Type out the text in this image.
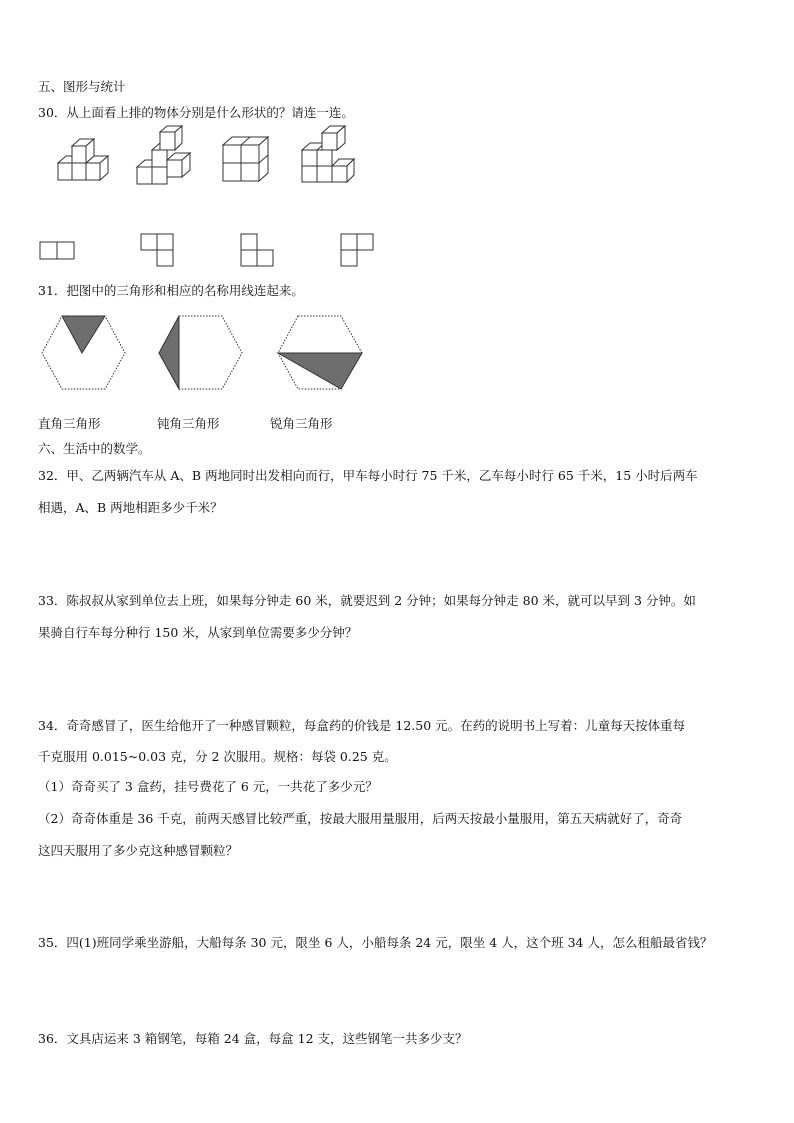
五、图形与统计
30．从上面看上排的物体分别是什么形状的？请连一连。
31．把图中的三角形和相应的名称用线连起来。
直角三角形	钝角三角形	锐角三角形
六、生活中的数学。
32．甲、乙两辆汽车从 A、B 两地同时出发相向而行，甲车每小时行 75 千米，乙车每小时行 65 千米，15 小时后两车
相遇，A、B 两地相距多少千米？
33．陈叔叔从家到单位去上班，如果每分钟走 60 米，就要迟到 2 分钟；如果每分钟走 80 米，就可以早到 3 分钟。如
果骑自行车每分种行 150 米，从家到单位需要多少分钟？
34．奇奇感冒了，医生给他开了一种感冒颗粒，每盒药的价钱是 12.50 元。在药的说明书上写着：儿童每天按体重每
千克服用 0.015~0.03 克，分 2 次服用。规格：每袋 0.25 克。
（1）奇奇买了 3 盒药，挂号费花了 6 元，一共花了多少元？
（2）奇奇体重是 36 千克，前两天感冒比较严重，按最大服用量服用，后两天按最小量服用，第五天病就好了，奇奇
这四天服用了多少克这种感冒颗粒？
35．四(1)班同学乘坐游船，大船每条 30 元，限坐 6 人，小船每条 24 元，限坐 4 人，这个班 34 人，怎么租船最省钱？
36．文具店运来 3 箱钢笔，每箱 24 盒，每盒 12 支，这些钢笔一共多少支？
